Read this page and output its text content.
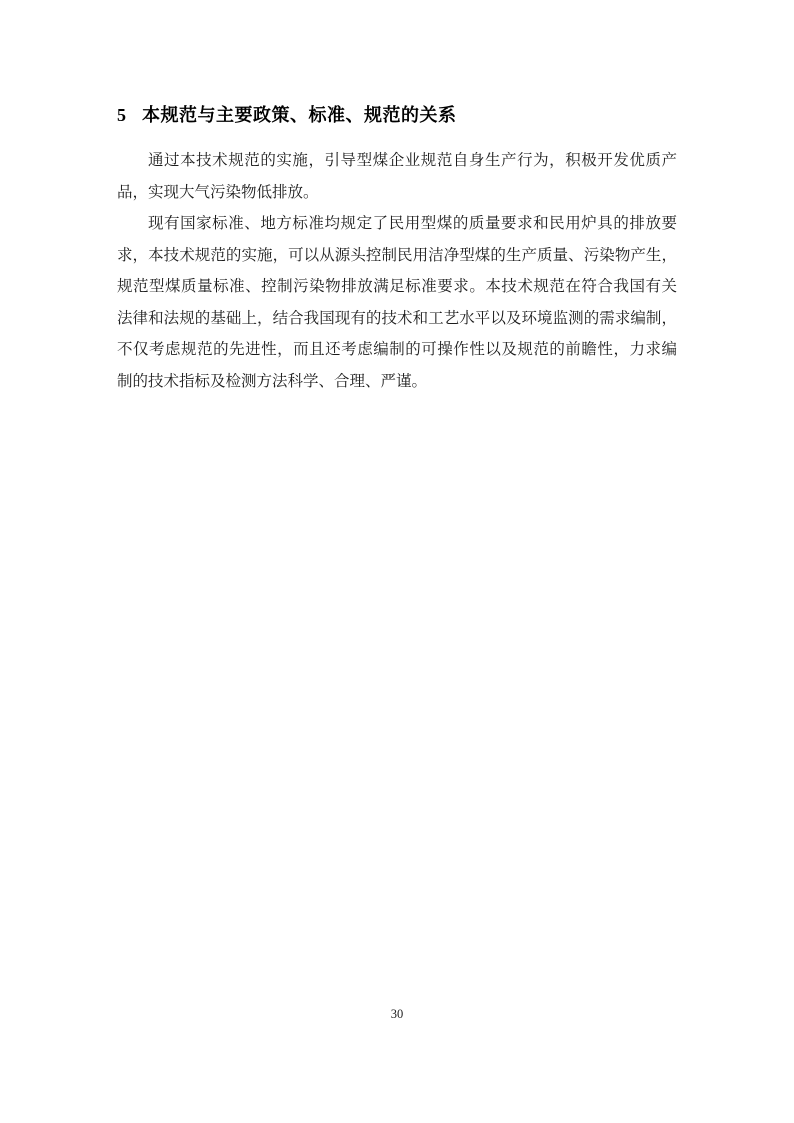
5 本规范与主要政策、标准、规范的关系
通过本技术规范的实施，引导型煤企业规范自身生产行为，积极开发优质产
品，实现大气污染物低排放。
现有国家标准、地方标准均规定了民用型煤的质量要求和民用炉具的排放要
求，本技术规范的实施，可以从源头控制民用洁净型煤的生产质量、污染物产生，
规范型煤质量标准、控制污染物排放满足标准要求。本技术规范在符合我国有关
法律和法规的基础上，结合我国现有的技术和工艺水平以及环境监测的需求编制，
不仅考虑规范的先进性，而且还考虑编制的可操作性以及规范的前瞻性，力求编
制的技术指标及检测方法科学、合理、严谨。
30
